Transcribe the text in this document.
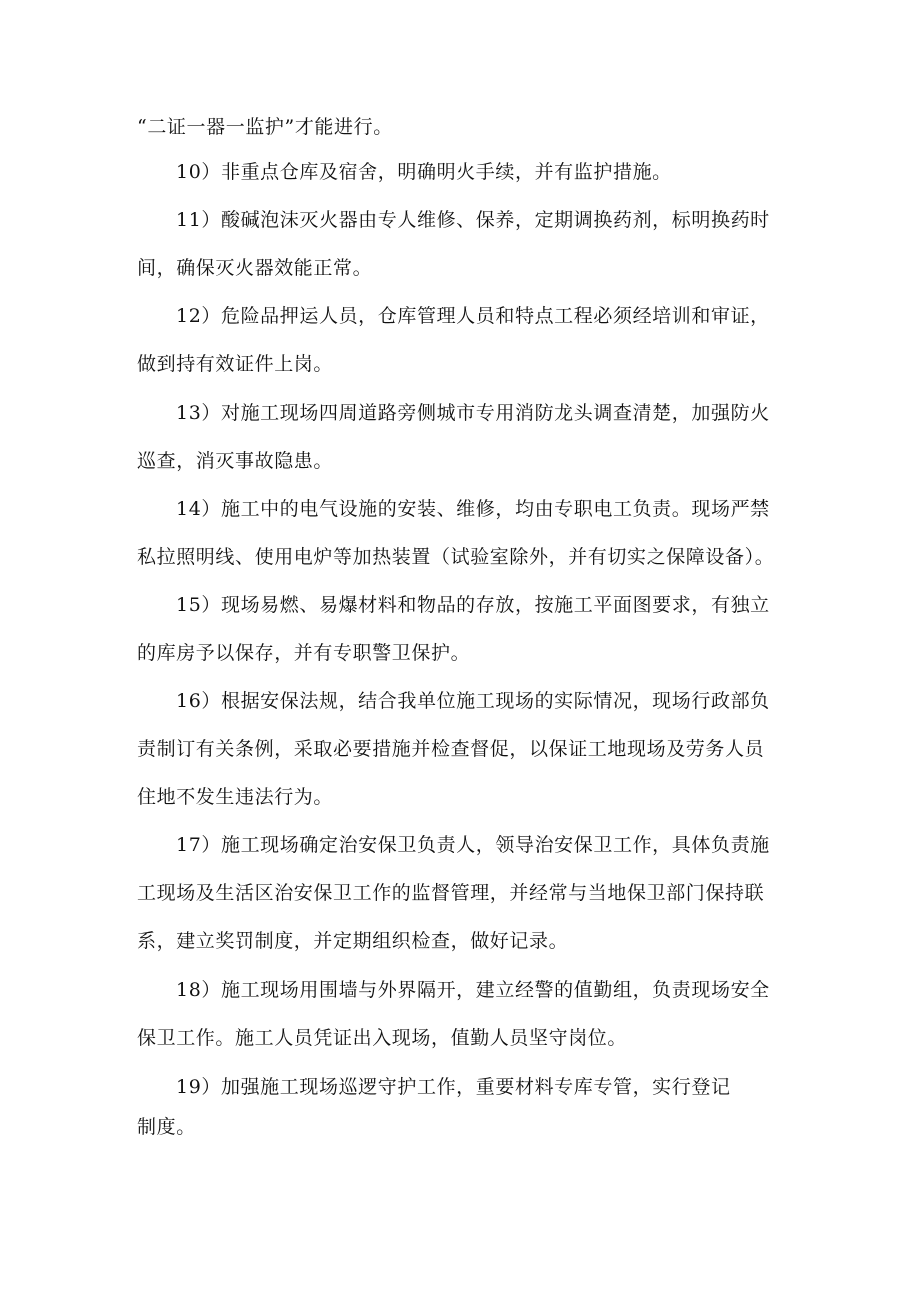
“二证一器一监护”才能进行。
10）非重点仓库及宿舍，明确明火手续，并有监护措施。
11）酸碱泡沫灭火器由专人维修、保养，定期调换药剂，标明换药时
间，确保灭火器效能正常。
12）危险品押运人员，仓库管理人员和特点工程必须经培训和审证，
做到持有效证件上岗。
13）对施工现场四周道路旁侧城市专用消防龙头调查清楚，加强防火
巡查，消灭事故隐患。
14）施工中的电气设施的安装、维修，均由专职电工负责。现场严禁
私拉照明线、使用电炉等加热装置（试验室除外，并有切实之保障设备）。
15）现场易燃、易爆材料和物品的存放，按施工平面图要求，有独立
的库房予以保存，并有专职警卫保护。
16）根据安保法规，结合我单位施工现场的实际情况，现场行政部负
责制订有关条例，采取必要措施并检查督促，以保证工地现场及劳务人员
住地不发生违法行为。
17）施工现场确定治安保卫负责人，领导治安保卫工作，具体负责施
工现场及生活区治安保卫工作的监督管理，并经常与当地保卫部门保持联
系，建立奖罚制度，并定期组织检查，做好记录。
18）施工现场用围墙与外界隔开，建立经警的值勤组，负责现场安全
保卫工作。施工人员凭证出入现场，值勤人员坚守岗位。
19）加强施工现场巡逻守护工作，重要材料专库专管，实行登记
制度。
